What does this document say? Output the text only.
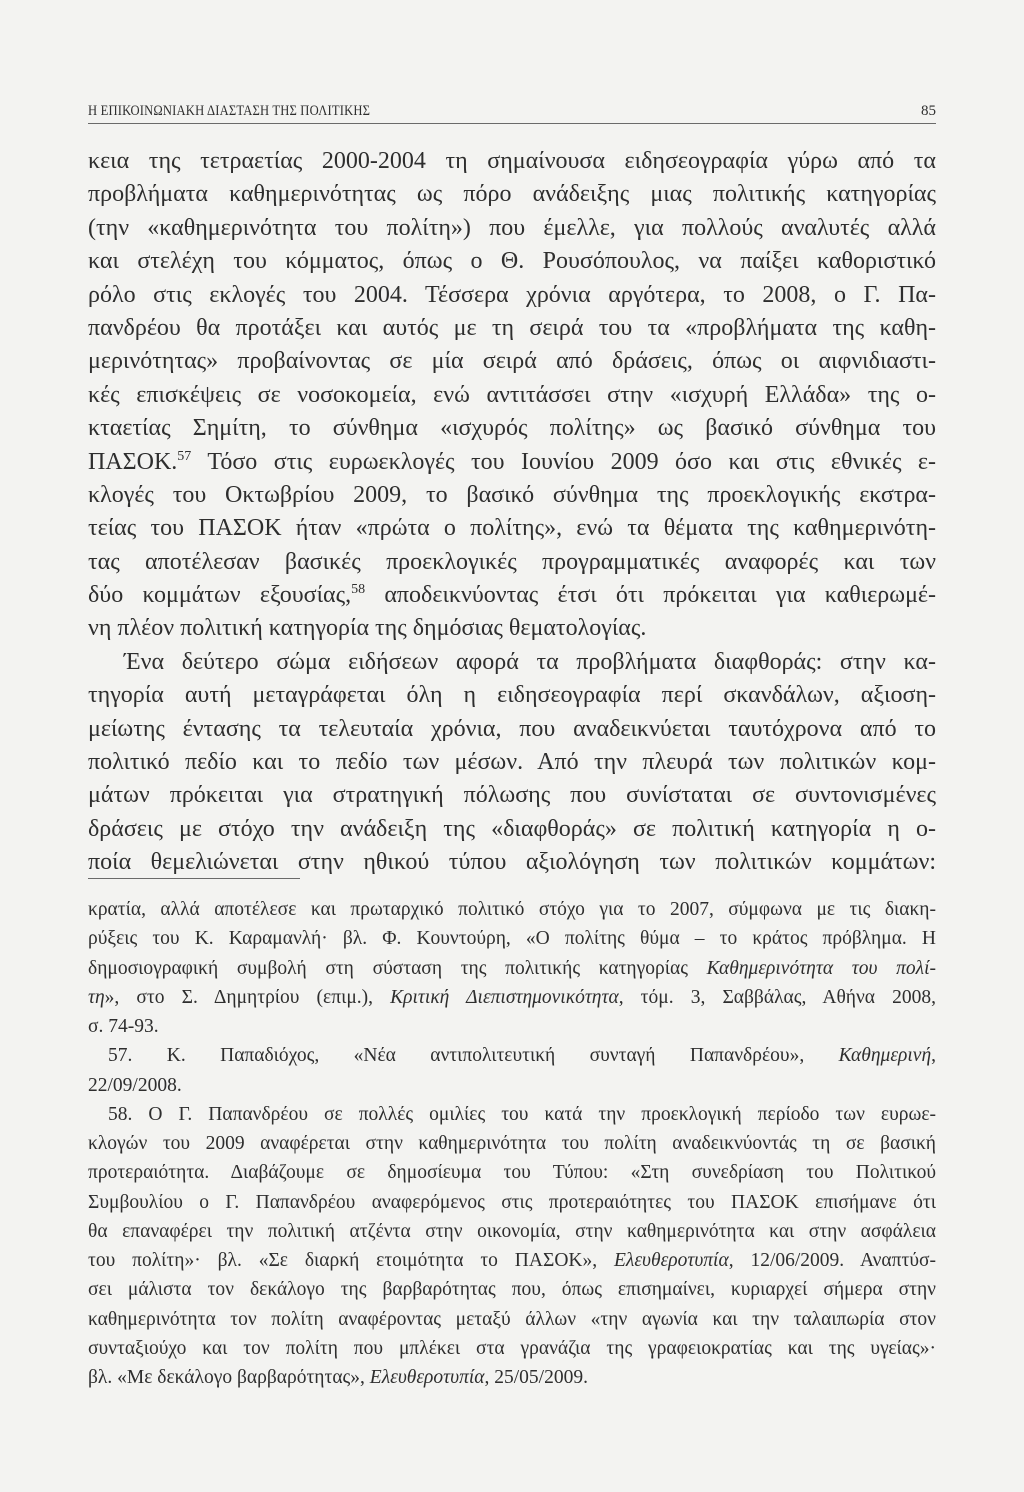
Η ΕΠΙΚΟΙΝΩΝΙΑΚΗ ΔΙΑΣΤΑΣΗ ΤΗΣ ΠΟΛΙΤΙΚΗΣ	85
κεια της τετραετίας 2000-2004 τη σημαίνουσα ειδησεογραφία γύρω από τα
προβλήματα καθημερινότητας ως πόρο ανάδειξης μιας πολιτικής κατηγορίας
(την «καθημερινότητα του πολίτη») που έμελλε, για πολλούς αναλυτές αλλά
και στελέχη του κόμματος, όπως ο Θ. Ρουσόπουλος, να παίξει καθοριστικό
ρόλο στις εκλογές του 2004. Τέσσερα χρόνια αργότερα, το 2008, ο Γ. Πα-
πανδρέου θα προτάξει και αυτός με τη σειρά του τα «προβλήματα της καθη-
μερινότητας» προβαίνοντας σε μία σειρά από δράσεις, όπως οι αιφνιδιαστι-
κές επισκέψεις σε νοσοκομεία, ενώ αντιτάσσει στην «ισχυρή Ελλάδα» της ο-
κταετίας Σημίτη, το σύνθημα «ισχυρός πολίτης» ως βασικό σύνθημα του
ΠΑΣΟΚ.$^{57}$ Τόσο στις ευρωεκλογές του Ιουνίου 2009 όσο και στις εθνικές ε-
κλογές του Οκτωβρίου 2009, το βασικό σύνθημα της προεκλογικής εκστρα-
τείας του ΠΑΣΟΚ ήταν «πρώτα ο πολίτης», ενώ τα θέματα της καθημερινότη-
τας αποτέλεσαν βασικές προεκλογικές προγραμματικές αναφορές και των
δύο κομμάτων εξουσίας,$^{58}$ αποδεικνύοντας έτσι ότι πρόκειται για καθιερωμέ-
νη πλέον πολιτική κατηγορία της δημόσιας θεματολογίας.
Ένα δεύτερο σώμα ειδήσεων αφορά τα προβλήματα διαφθοράς: στην κα-
τηγορία αυτή μεταγράφεται όλη η ειδησεογραφία περί σκανδάλων, αξιοση-
μείωτης έντασης τα τελευταία χρόνια, που αναδεικνύεται ταυτόχρονα από το
πολιτικό πεδίο και το πεδίο των μέσων. Από την πλευρά των πολιτικών κομ-
μάτων πρόκειται για στρατηγική πόλωσης που συνίσταται σε συντονισμένες
δράσεις με στόχο την ανάδειξη της «διαφθοράς» σε πολιτική κατηγορία η ο-
ποία θεμελιώνεται στην ηθικού τύπου αξιολόγηση των πολιτικών κομμάτων:
κρατία, αλλά αποτέλεσε και πρωταρχικό πολιτικό στόχο για το 2007, σύμφωνα με τις διακη-
ρύξεις του Κ. Καραμανλή· βλ. Φ. Κουντούρη, «Ο πολίτης θύμα – το κράτος πρόβλημα. Η
δημοσιογραφική συμβολή στη σύσταση της πολιτικής κατηγορίας Καθημερινότητα του πολί-
τη», στο Σ. Δημητρίου (επιμ.), Κριτική Διεπιστημονικότητα, τόμ. 3, Σαββάλας, Αθήνα 2008,
σ. 74-93.
57. Κ. Παπαδιόχος, «Νέα αντιπολιτευτική συνταγή Παπανδρέου», Καθημερινή,
22/09/2008.
58. Ο Γ. Παπανδρέου σε πολλές ομιλίες του κατά την προεκλογική περίοδο των ευρωε-
κλογών του 2009 αναφέρεται στην καθημερινότητα του πολίτη αναδεικνύοντάς τη σε βασική
προτεραιότητα. Διαβάζουμε σε δημοσίευμα του Τύπου: «Στη συνεδρίαση του Πολιτικού
Συμβουλίου ο Γ. Παπανδρέου αναφερόμενος στις προτεραιότητες του ΠΑΣΟΚ επισήμανε ότι
θα επαναφέρει την πολιτική ατζέντα στην οικονομία, στην καθημερινότητα και στην ασφάλεια
του πολίτη»· βλ. «Σε διαρκή ετοιμότητα το ΠΑΣΟΚ», Ελευθεροτυπία, 12/06/2009. Αναπτύσ-
σει μάλιστα τον δεκάλογο της βαρβαρότητας που, όπως επισημαίνει, κυριαρχεί σήμερα στην
καθημερινότητα τον πολίτη αναφέροντας μεταξύ άλλων «την αγωνία και την ταλαιπωρία στον
συνταξιούχο και τον πολίτη που μπλέκει στα γρανάζια της γραφειοκρατίας και της υγείας»·
βλ. «Με δεκάλογο βαρβαρότητας», Ελευθεροτυπία, 25/05/2009.
